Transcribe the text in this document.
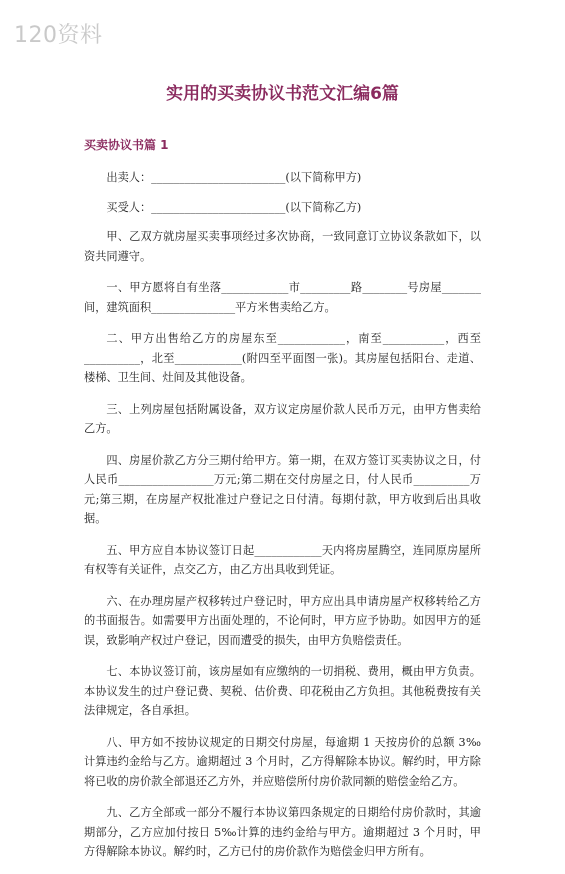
120资料
实用的买卖协议书范文汇编6篇
买卖协议书篇 1

出卖人：________________________(以下简称甲方)

买受人：________________________(以下简称乙方)

甲、乙双方就房屋买卖事项经过多次协商，一致同意订立协议条款如下，以资共同遵守。

一、甲方愿将自有坐落____________市_________路________号房屋_______间，建筑面积_______________平方米售卖给乙方。

二、甲方出售给乙方的房屋东至____________，南至___________，西至__________，北至____________(附四至平面图一张)。其房屋包括阳台、走道、楼梯、卫生间、灶间及其他设备。

三、上列房屋包括附属设备，双方议定房屋价款人民币万元，由甲方售卖给乙方。

四、房屋价款乙方分三期付给甲方。第一期，在双方签订买卖协议之日，付人民币_________________万元;第二期在交付房屋之日，付人民币__________万元;第三期，在房屋产权批准过户登记之日付清。每期付款，甲方收到后出具收据。

五、甲方应自本协议签订日起____________天内将房屋腾空，连同原房屋所有权等有关证件，点交乙方，由乙方出具收到凭证。

六、在办理房屋产权移转过户登记时，甲方应出具申请房屋产权移转给乙方的书面报告。如需要甲方出面处理的，不论何时，甲方应予协助。如因甲方的延误，致影响产权过户登记，因而遭受的损失，由甲方负赔偿责任。

七、本协议签订前，该房屋如有应缴纳的一切捐税、费用，概由甲方负责。本协议发生的过户登记费、契税、估价费、印花税由乙方负担。其他税费按有关法律规定，各自承担。

八、甲方如不按协议规定的日期交付房屋，每逾期 1 天按房价的总额 3‰计算违约金给与乙方。逾期超过 3 个月时，乙方得解除本协议。解约时，甲方除将已收的房价款全部退还乙方外，并应赔偿所付房价款同额的赔偿金给乙方。

九、乙方全部或一部分不履行本协议第四条规定的日期给付房价款时，其逾期部分，乙方应加付按日 5‰计算的违约金给与甲方。逾期超过 3 个月时，甲方得解除本协议。解约时，乙方已付的房价款作为赔偿金归甲方所有。
